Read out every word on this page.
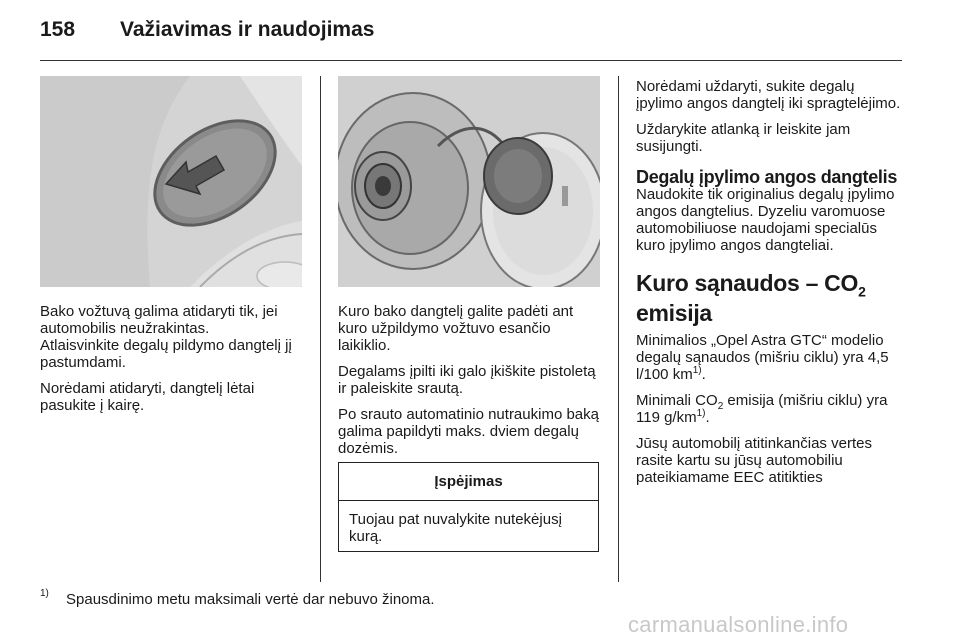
158 Važiavimas ir naudojimas

Bako vožtuvą galima atidaryti tik, jei automobilis neužrakintas.

Atlaisvinkite degalų pildymo dangtelį jį pastumdami.

Norėdami atidaryti, dangtelį lėtai pasukite į kairę.

Kuro bako dangtelį galite padėti ant kuro užpildymo vožtuvo esančio laikiklio.

Degalams įpilti iki galo įkiškite pistoletą ir paleiskite srautą.

Po srauto automatinio nutraukimo baką galima papildyti maks. dviem degalų dozėmis.

Įspėjimas
Tuojau pat nuvalykite nutekėjusį kurą.

Norėdami uždaryti, sukite degalų įpylimo angos dangtelį iki spragtelėjimo.

Uždarykite atlanką ir leiskite jam susijungti.

Degalų įpylimo angos dangtelis

Naudokite tik originalius degalų įpylimo angos dangtelius. Dyzeliu varomuose automobiliuose naudojami specialūs kuro įpylimo angos dangteliai.

Kuro sąnaudos – $CO_2$
emisija

Minimalios „Opel Astra GTC“ modelio degalų sąnaudos (mišriu ciklu) yra 4,5 l/100 $km^{1)}$.

Minimali $CO_2$ emisija (mišriu ciklu) yra 119 $g/km^{1)}$.

Jūsų automobilį atitinkančias vertes rasite kartu su jūsų automobiliu pateikiamame EEC atitikties

1) Spausdinimo metu maksimali vertė dar nebuvo žinoma.
carmanualsonline.info
